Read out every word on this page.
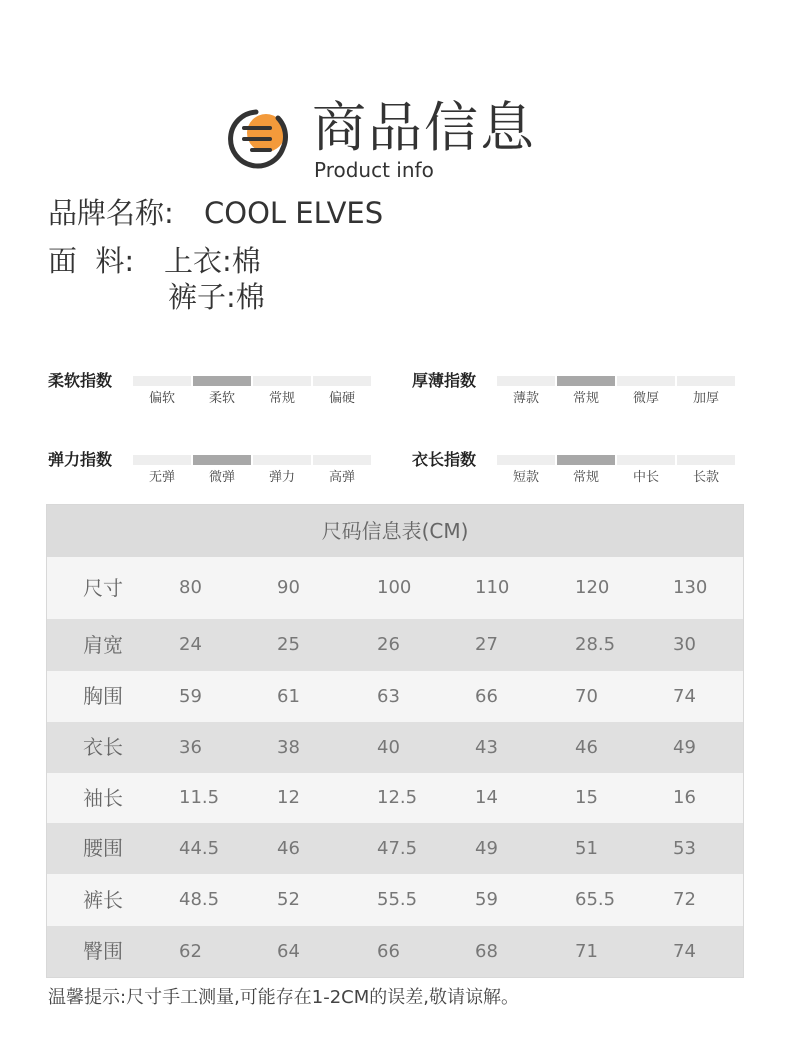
商品信息
Product info
品牌名称: COOL ELVES
面  料: 上衣:棉
裤子:棉
柔软指数
偏软	柔软	常规	偏硬
厚薄指数
薄款	常规	微厚	加厚
弹力指数
无弹	微弹	弹力	高弹
衣长指数
短款	常规	中长	长款
尺码信息表(CM)
尺寸	80	90	100	110	120	130
肩宽	24	25	26	27	28.5	30
胸围	59	61	63	66	70	74
衣长	36	38	40	43	46	49
袖长	11.5	12	12.5	14	15	16
腰围	44.5	46	47.5	49	51	53
裤长	48.5	52	55.5	59	65.5	72
臀围	62	64	66	68	71	74
温馨提示:尺寸手工测量,可能存在1-2CM的误差,敬请谅解。
